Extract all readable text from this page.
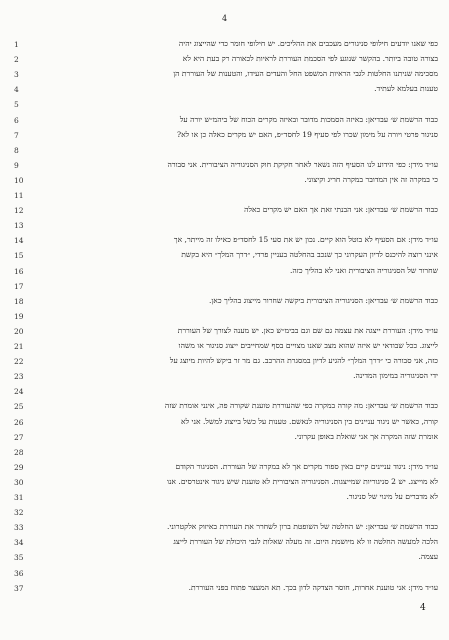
4
1	כפי שאנו יודעים חילופי סניגורים מעכבים את ההליכים. יש חילופי חומר כדי שהייצוג יהיה
2	בצורה טובה ביותר. בהקשר שנוגע לפי הסכמת העוררת לראיות לכאורה רק בעת היא לא
3	מסכימה שניתנו החלטות לגבי הראיות המשפט החל והעדים העידו, והטענות של העוררת הן
4	טענות בעלמא לעתיד.
5
6	כבוד הרשמת ש׳ עבדיאן: באיזה הסמכות מדובר ובאיזה מקרים הכוח של ביהמ״ש יורה על
7	סניגור פרטי ויורה על מימון שכרו לפי סעיף 19 לחסד״פ, האם יש מקרים כאלה כן או לא?
8
9	עו״ד מידן: כפי הידוע לנו הסעיף הזה נשאר לאחר חקיקת חוק הסניגוריה הציבורית. אני סבורה
10	כי במקרה זה אין המדובר במקרה חריג וקיצוני.
11
12	כבוד הרשמת ש׳ עבדיאן: אני הבנתי זאת אך האם יש מקרים כאלה
13
14	עו״ד מידן: אם הסעיף לא בוטל הוא קיים. נכון יש את סעי 15 לחסד״פ כאילו זה מייתר, אך
15	אינני רוצה להיכנס לדיון העקרוני כך שנכב בהחלטה בעניין פרדי, ״דרך המלך״ היא בקשת
16	שחרור של הסניגוריה הציבורית ואני לא בהליך כזה.
17
18	כבוד הרשמת ש׳ עבדיאן: הסניגוריה הציבורית ביקשה שחרור מייצוג בהליך כאן.
19
20	עו״ד מידן: העוררת ייצגה את עצמה גם שם וגם בבימ״ש כאן. יש מענה לצורך של העוררת
21	לייצוג. ככל שבודאי יש איזה שהוא מצב שאנו מצויים בסף שמחייבים ייצוג סניגור או משהו
22	כזה, אני סבורה כי ״דרך המלך״ להגיע לדיון במסגרת ההרכב. גם מר זר ביקש להיות מיוצג על
23	ידי הסניגוריה במימון המדינה.
24
25	כבוד הרשמת ש׳ עבדיאן: מה קורה במקרה כפי שהעוררת טוענת שקורה פה, אינני אומרת שזה
26	קורה, כאשר יש ניגוד עניינים בין הסניגוריה לנאשם. טענות על כשל בייצוג למשל. אני לא
27	אומרת שזה המקרה אך אני שואלת באופן עקרוני.
28
29	עו״ד מידן: ניגוד עניינים קיים באין ספור מקרים אך לא במקרה של העוררת. הסניגור הקודם
30	לא מוייצג. יש 2 סניגוריות שמייצגות. הסניגוריה הציבורית לא טוענת שיש ניגוד אינטרסים. אנו
31	לא מדברים על מינוי של סניגור.
32
33	כבוד הרשמת ש׳ עבדיאן: יש החלטה של השופטת ברון לשחרר את העוררת באיזוק אלקטרוני.
34	הלכה למעשה החלטה זו לא מיושמת היום. זה מעלה שאלות לגבי היכולת של העוררת לייצג
35	עצמה.
36
37	עו״ד מידן: אני טוענת אחרות, חוסר הצדקה לדון בכך. תא המעצר פתוח בפני העוררת.
4
